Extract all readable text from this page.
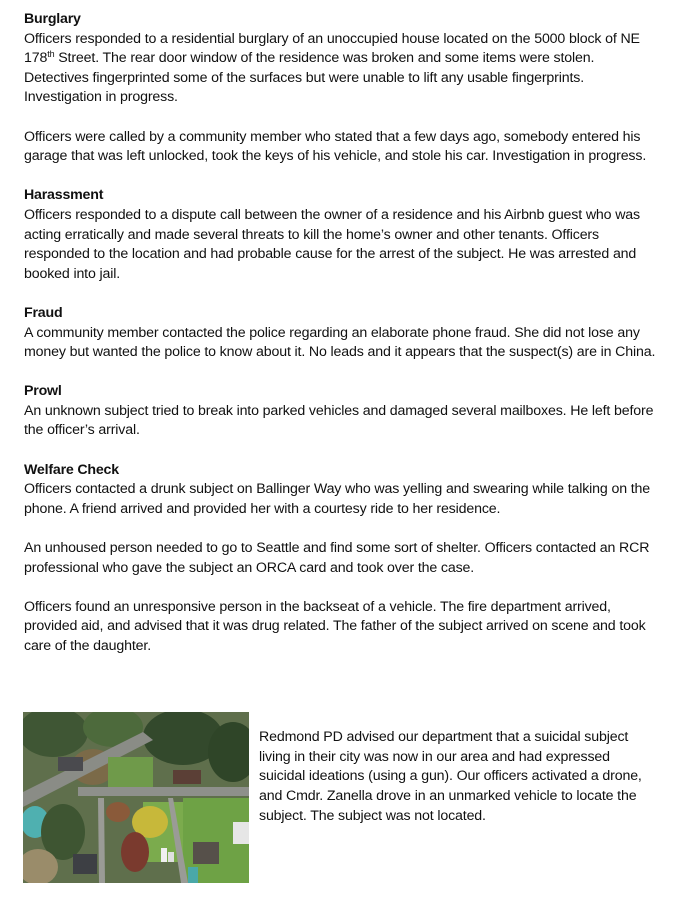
Burglary

Officers responded to a residential burglary of an unoccupied house located on the 5000 block of NE 178th Street. The rear door window of the residence was broken and some items were stolen. Detectives fingerprinted some of the surfaces but were unable to lift any usable fingerprints. Investigation in progress.

Officers were called by a community member who stated that a few days ago, somebody entered his garage that was left unlocked, took the keys of his vehicle, and stole his car. Investigation in progress.

Harassment

Officers responded to a dispute call between the owner of a residence and his Airbnb guest who was acting erratically and made several threats to kill the home’s owner and other tenants. Officers responded to the location and had probable cause for the arrest of the subject. He was arrested and booked into jail.

Fraud

A community member contacted the police regarding an elaborate phone fraud. She did not lose any money but wanted the police to know about it. No leads and it appears that the suspect(s) are in China.

Prowl

An unknown subject tried to break into parked vehicles and damaged several mailboxes. He left before the officer’s arrival.

Welfare Check

Officers contacted a drunk subject on Ballinger Way who was yelling and swearing while talking on the phone. A friend arrived and provided her with a courtesy ride to her residence.

An unhoused person needed to go to Seattle and find some sort of shelter. Officers contacted an RCR professional who gave the subject an ORCA card and took over the case.

Officers found an unresponsive person in the backseat of a vehicle. The fire department arrived, provided aid, and advised that it was drug related. The father of the subject arrived on scene and took care of the daughter.

Redmond PD advised our department that a suicidal subject living in their city was now in our area and had expressed suicidal ideations (using a gun). Our officers activated a drone, and Cmdr. Zanella drove in an unmarked vehicle to locate the subject. The subject was not located.
